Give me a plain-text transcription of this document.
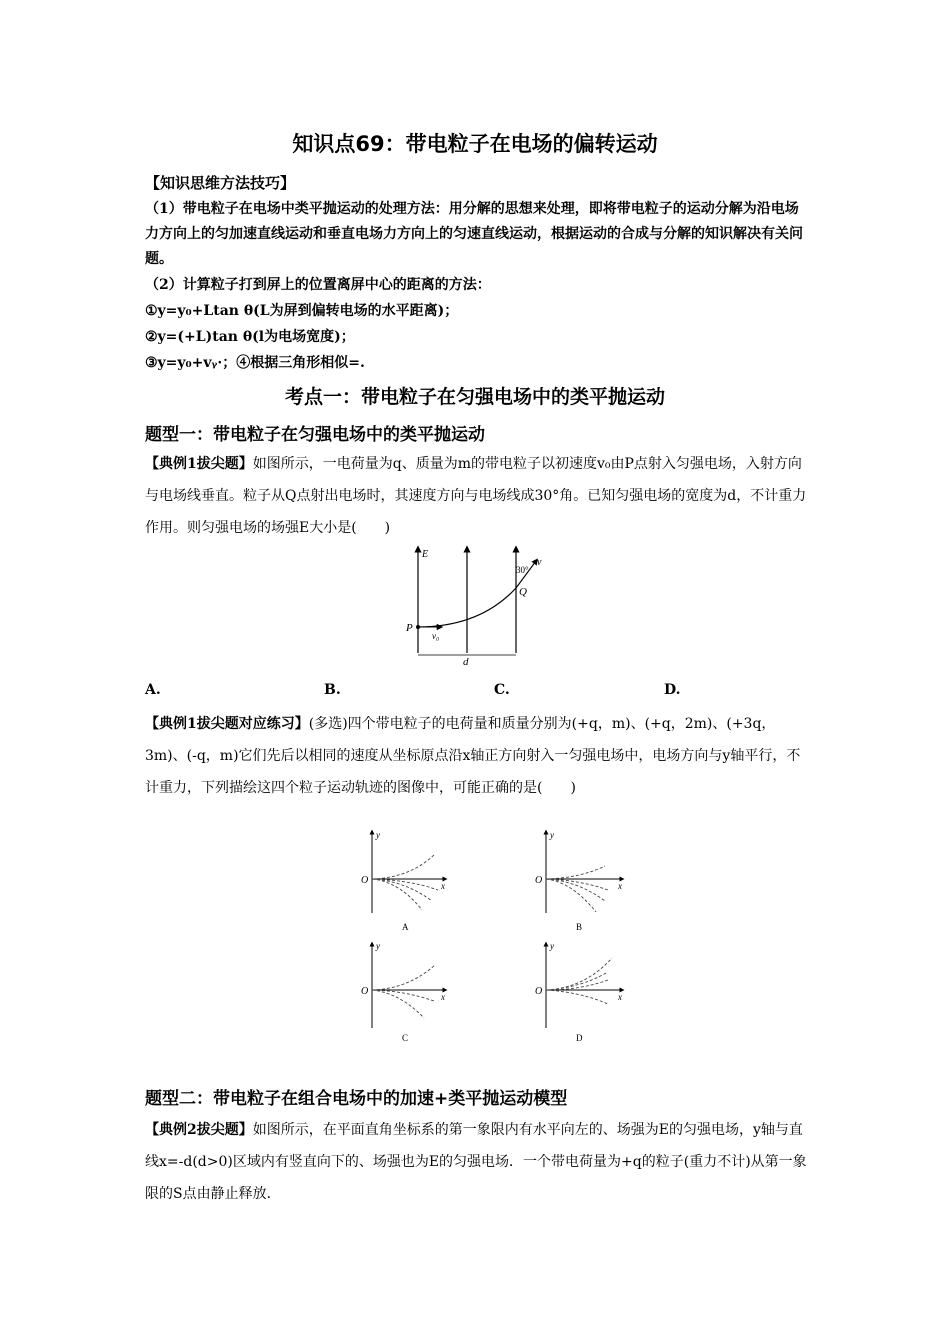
知识点69：带电粒子在电场的偏转运动
【知识思维方法技巧】
（1）带电粒子在电场中类平抛运动的处理方法：用分解的思想来处理，即将带电粒子的运动分解为沿电场力方向上的匀加速直线运动和垂直电场力方向上的匀速直线运动，根据运动的合成与分解的知识解决有关问题。
（2）计算粒子打到屏上的位置离屏中心的距离的方法：
①y=y₀+Ltan θ(L为屏到偏转电场的水平距离)；
②y=(+L)tan θ(l为电场宽度)；
③y=y₀+vᵧ·；④根据三角形相似=.
考点一：带电粒子在匀强电场中的类平抛运动
题型一：带电粒子在匀强电场中的类平抛运动
【典例1拔尖题】如图所示，一电荷量为q、质量为m的带电粒子以初速度v₀由P点射入匀强电场，入射方向与电场线垂直。粒子从Q点射出电场时，其速度方向与电场线成30°角。已知匀强电场的宽度为d，不计重力作用。则匀强电场的场强E大小是(　　)
E
P
Q
v₀
v
30°
d
A.	B.	C.	D.
【典例1拔尖题对应练习】(多选)四个带电粒子的电荷量和质量分别为(+q，m)、(+q，2m)、(+3q，3m)、(-q，m)它们先后以相同的速度从坐标原点沿x轴正方向射入一匀强电场中，电场方向与y轴平行，不计重力，下列描绘这四个粒子运动轨迹的图像中，可能正确的是(　　)
y
x
O
A
y
x
O
B
y
x
O
C
y
x
O
D
题型二：带电粒子在组合电场中的加速+类平抛运动模型
【典例2拔尖题】如图所示，在平面直角坐标系的第一象限内有水平向左的、场强为E的匀强电场，y轴与直线x=-d(d>0)区域内有竖直向下的、场强也为E的匀强电场．一个带电荷量为+q的粒子(重力不计)从第一象限的S点由静止释放．
